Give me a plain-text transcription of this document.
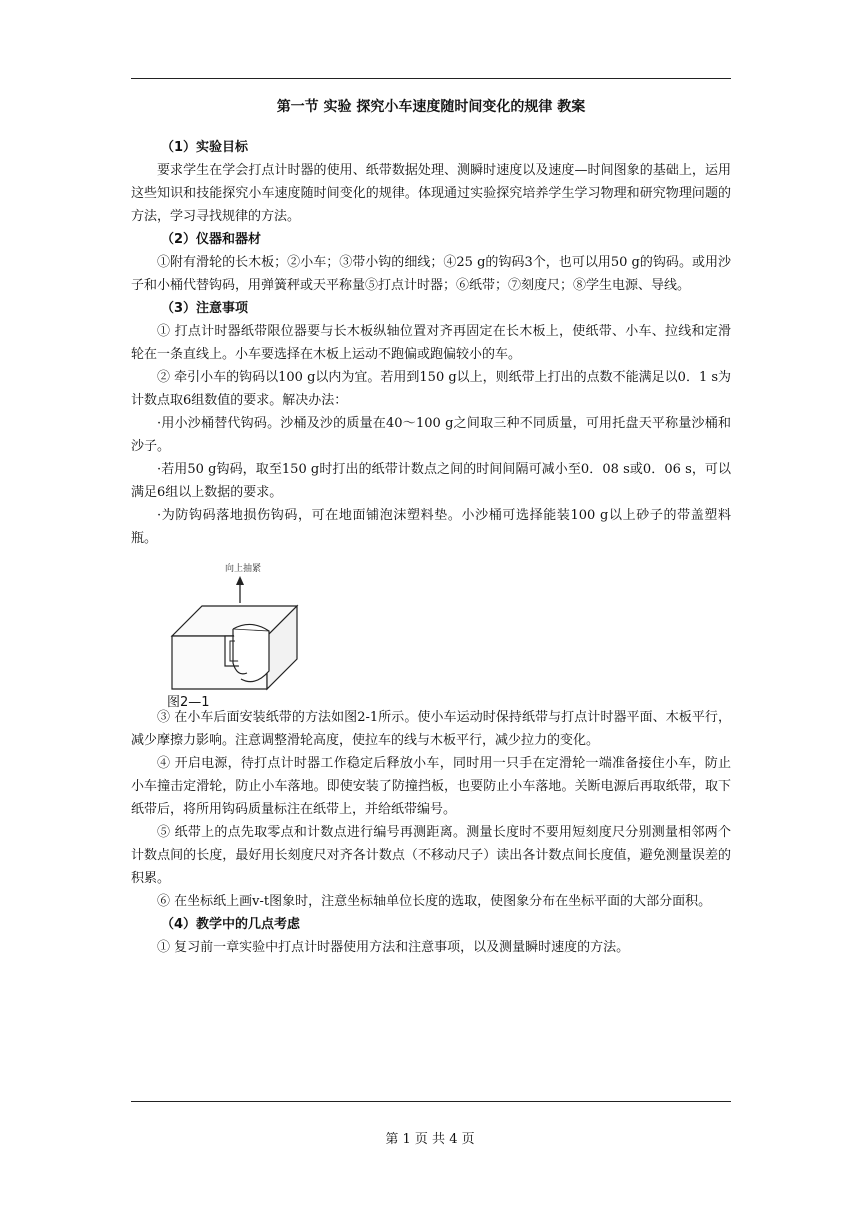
第一节 实验 探究小车速度随时间变化的规律 教案
（1）实验目标

要求学生在学会打点计时器的使用、纸带数据处理、测瞬时速度以及速度—时间图象的基础上，运用这些知识和技能探究小车速度随时间变化的规律。体现通过实验探究培养学生学习物理和研究物理问题的方法，学习寻找规律的方法。

（2）仪器和器材

①附有滑轮的长木板；②小车；③带小钩的细线；④25 g的钩码3个，也可以用50 g的钩码。或用沙子和小桶代替钩码，用弹簧秤或天平称量⑤打点计时器；⑥纸带；⑦刻度尺；⑧学生电源、导线。

（3）注意事项

① 打点计时器纸带限位器要与长木板纵轴位置对齐再固定在长木板上，使纸带、小车、拉线和定滑轮在一条直线上。小车要选择在木板上运动不跑偏或跑偏较小的车。

② 牵引小车的钩码以100 g以内为宜。若用到150 g以上，则纸带上打出的点数不能满足以0．1 s为计数点取6组数值的要求。解决办法：

·用小沙桶替代钩码。沙桶及沙的质量在40～100 g之间取三种不同质量，可用托盘天平称量沙桶和沙子。

·若用50 g钩码，取至150 g时打出的纸带计数点之间的时间间隔可减小至0．08 s或0．06 s，可以满足6组以上数据的要求。

·为防钩码落地损伤钩码，可在地面铺泡沫塑料垫。小沙桶可选择能装100 g以上砂子的带盖塑料瓶。

向上抽紧
图2—1

③ 在小车后面安装纸带的方法如图2-1所示。使小车运动时保持纸带与打点计时器平面、木板平行，减少摩擦力影响。注意调整滑轮高度，使拉车的线与木板平行，减少拉力的变化。

④ 开启电源，待打点计时器工作稳定后释放小车，同时用一只手在定滑轮一端准备接住小车，防止小车撞击定滑轮，防止小车落地。即使安装了防撞挡板，也要防止小车落地。关断电源后再取纸带，取下纸带后，将所用钩码质量标注在纸带上，并给纸带编号。

⑤ 纸带上的点先取零点和计数点进行编号再测距离。测量长度时不要用短刻度尺分别测量相邻两个计数点间的长度，最好用长刻度尺对齐各计数点（不移动尺子）读出各计数点间长度值，避免测量误差的积累。

⑥ 在坐标纸上画v-t图象时，注意坐标轴单位长度的选取，使图象分布在坐标平面的大部分面积。

（4）教学中的几点考虑

① 复习前一章实验中打点计时器使用方法和注意事项，以及测量瞬时速度的方法。

第 1 页 共 4 页
